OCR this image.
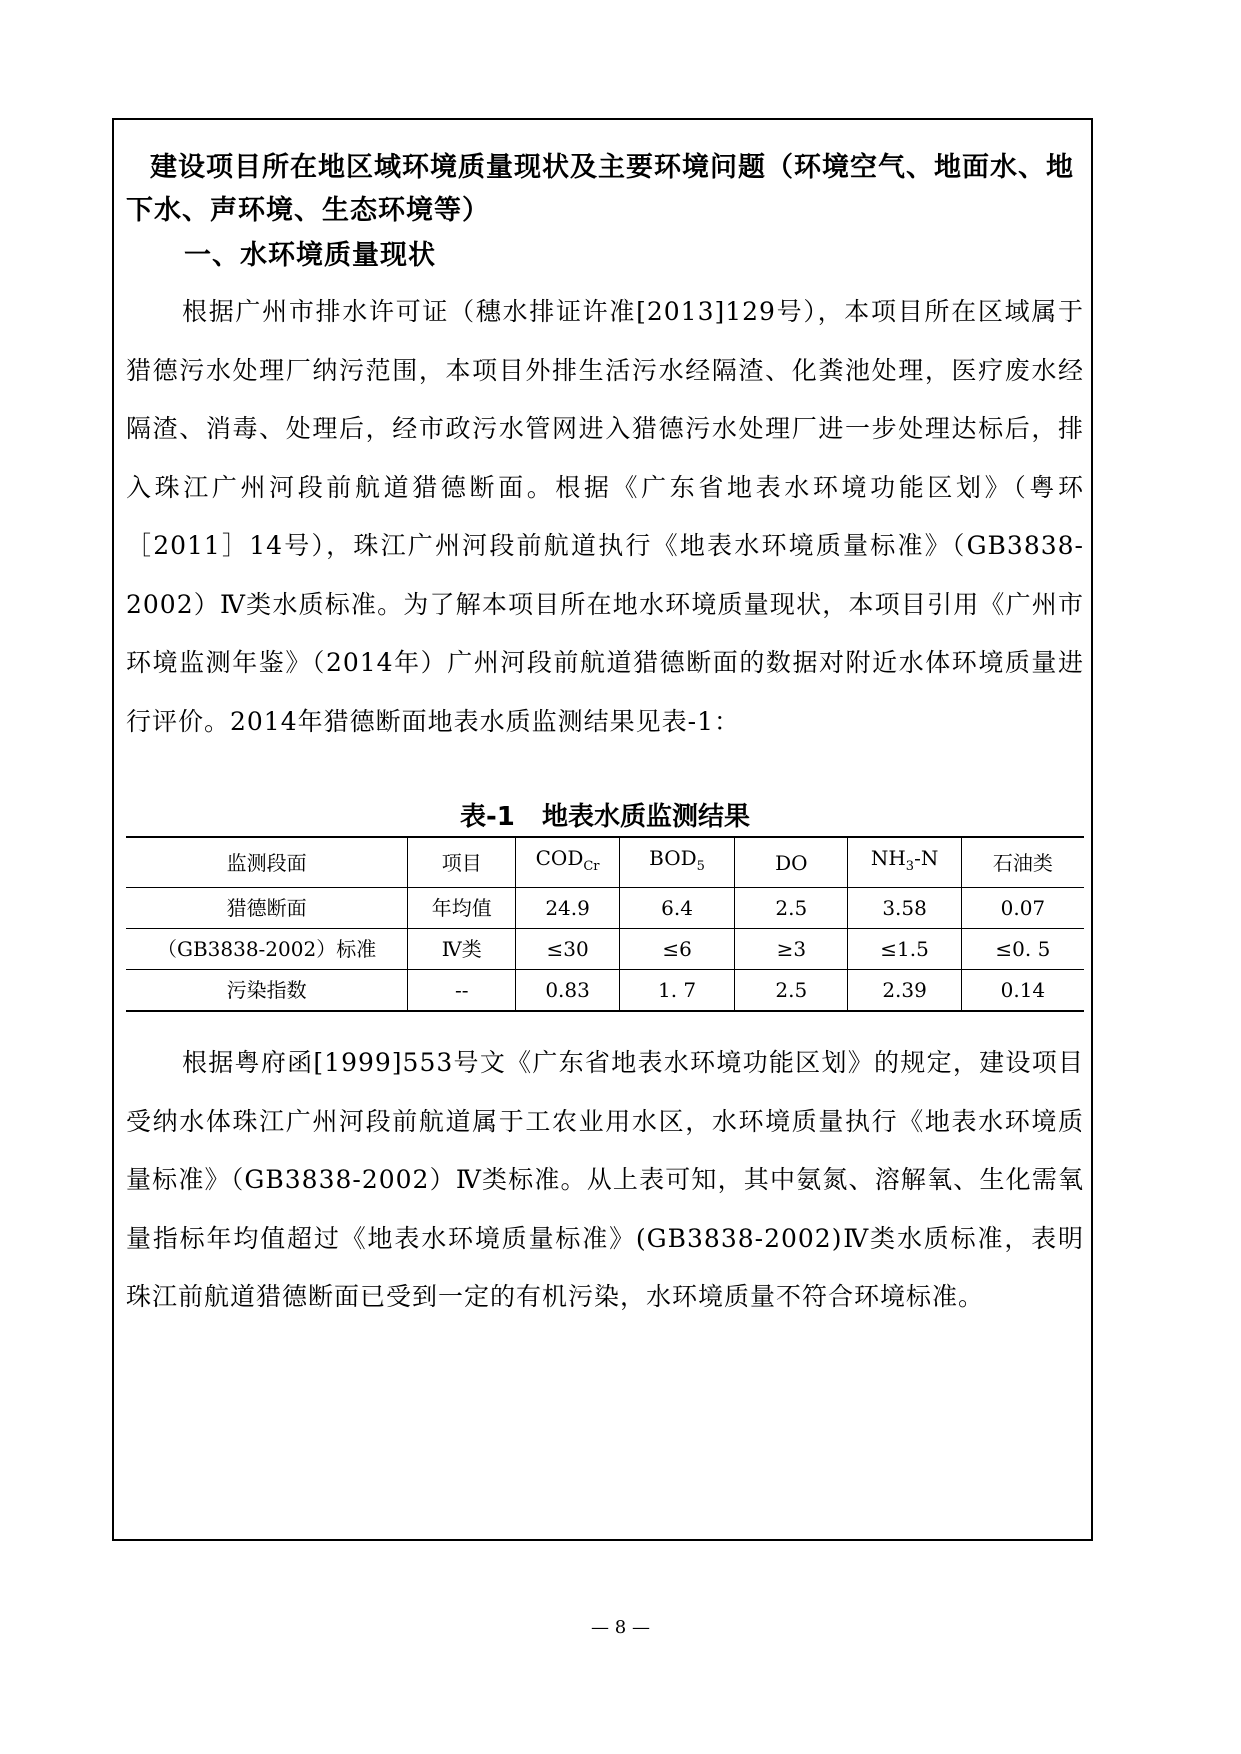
建设项目所在地区域环境质量现状及主要环境问题（环境空气、地面水、地下水、声环境、生态环境等）
一、水环境质量现状
根据广州市排水许可证（穗水排证许准[2013]129号），本项目所在区域属于猎德污水处理厂纳污范围，本项目外排生活污水经隔渣、化粪池处理，医疗废水经隔渣、消毒、处理后，经市政污水管网进入猎德污水处理厂进一步处理达标后，排入珠江广州河段前航道猎德断面。根据《广东省地表水环境功能区划》（粤环［2011］14号），珠江广州河段前航道执行《地表水环境质量标准》（GB3838-2002）Ⅳ类水质标准。为了解本项目所在地水环境质量现状，本项目引用《广州市环境监测年鉴》（2014年）广州河段前航道猎德断面的数据对附近水体环境质量进行评价。2014年猎德断面地表水质监测结果见表-1：
表-1 地表水质监测结果
监测段面	项目	$COD_{Cr}$	$BOD_5$	DO	$NH_3-N$	石油类
猎德断面	年均值	24.9	6.4	2.5	3.58	0.07
（GB3838-2002）标准	Ⅳ类	≤30	≤6	≥3	≤1.5	≤0. 5
污染指数	--	0.83	1. 7	2.5	2.39	0.14
根据粤府函[1999]553号文《广东省地表水环境功能区划》的规定，建设项目受纳水体珠江广州河段前航道属于工农业用水区，水环境质量执行《地表水环境质量标准》（GB3838-2002）Ⅳ类标准。从上表可知，其中氨氮、溶解氧、生化需氧量指标年均值超过《地表水环境质量标准》(GB3838-2002)Ⅳ类水质标准，表明珠江前航道猎德断面已受到一定的有机污染，水环境质量不符合环境标准。
— 8 —
